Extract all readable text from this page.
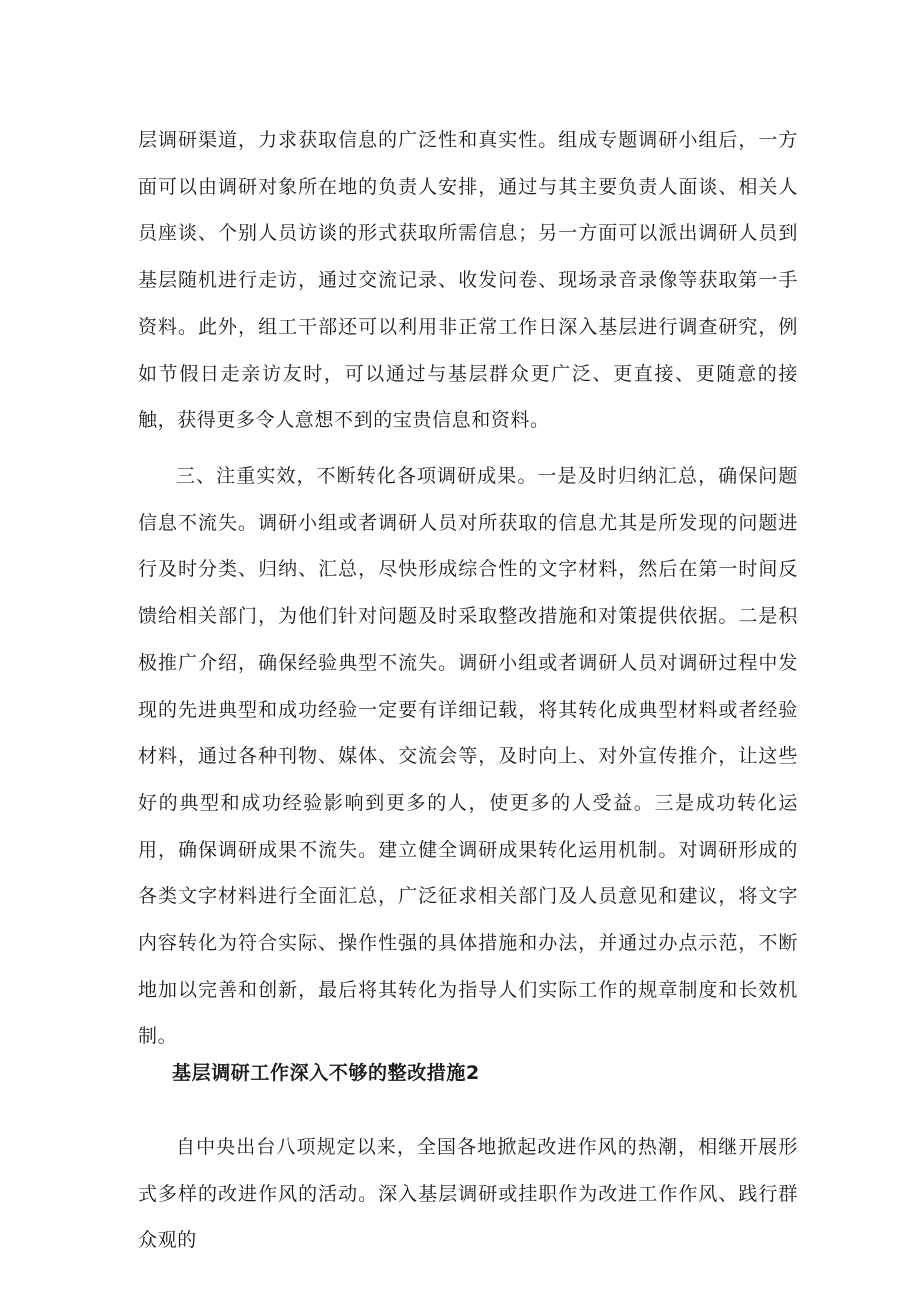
层调研渠道，力求获取信息的广泛性和真实性。组成专题调研小组后，一方面可以由调研对象所在地的负责人安排，通过与其主要负责人面谈、相关人员座谈、个别人员访谈的形式获取所需信息；另一方面可以派出调研人员到基层随机进行走访，通过交流记录、收发问卷、现场录音录像等获取第一手资料。此外，组工干部还可以利用非正常工作日深入基层进行调查研究，例如节假日走亲访友时，可以通过与基层群众更广泛、更直接、更随意的接触，获得更多令人意想不到的宝贵信息和资料。

三、注重实效，不断转化各项调研成果。一是及时归纳汇总，确保问题信息不流失。调研小组或者调研人员对所获取的信息尤其是所发现的问题进行及时分类、归纳、汇总，尽快形成综合性的文字材料，然后在第一时间反馈给相关部门，为他们针对问题及时采取整改措施和对策提供依据。二是积极推广介绍，确保经验典型不流失。调研小组或者调研人员对调研过程中发现的先进典型和成功经验一定要有详细记载，将其转化成典型材料或者经验材料，通过各种刊物、媒体、交流会等，及时向上、对外宣传推介，让这些好的典型和成功经验影响到更多的人，使更多的人受益。三是成功转化运用，确保调研成果不流失。建立健全调研成果转化运用机制。对调研形成的各类文字材料进行全面汇总，广泛征求相关部门及人员意见和建议，将文字内容转化为符合实际、操作性强的具体措施和办法，并通过办点示范，不断地加以完善和创新，最后将其转化为指导人们实际工作的规章制度和长效机制。

基层调研工作深入不够的整改措施2

自中央出台八项规定以来，全国各地掀起改进作风的热潮，相继开展形式多样的改进作风的活动。深入基层调研或挂职作为改进工作作风、践行群众观的
